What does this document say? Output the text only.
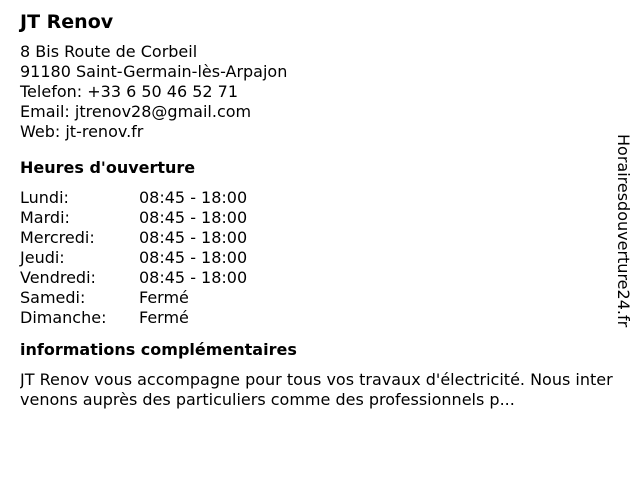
JT Renov
8 Bis Route de Corbeil
91180 Saint-Germain-lès-Arpajon
Telefon: +33 6 50 46 52 71
Email: jtrenov28@gmail.com
Web: jt-renov.fr
Heures d'ouverture
Lundi:	08:45 - 18:00
Mardi:	08:45 - 18:00
Mercredi:	08:45 - 18:00
Jeudi:	08:45 - 18:00
Vendredi:	08:45 - 18:00
Samedi:	Fermé
Dimanche:	Fermé
informations complémentaires

JT Renov vous accompagne pour tous vos travaux d'électricité. Nous intervenons auprès des particuliers comme des professionnels p...

Horairesdouverture24.fr
